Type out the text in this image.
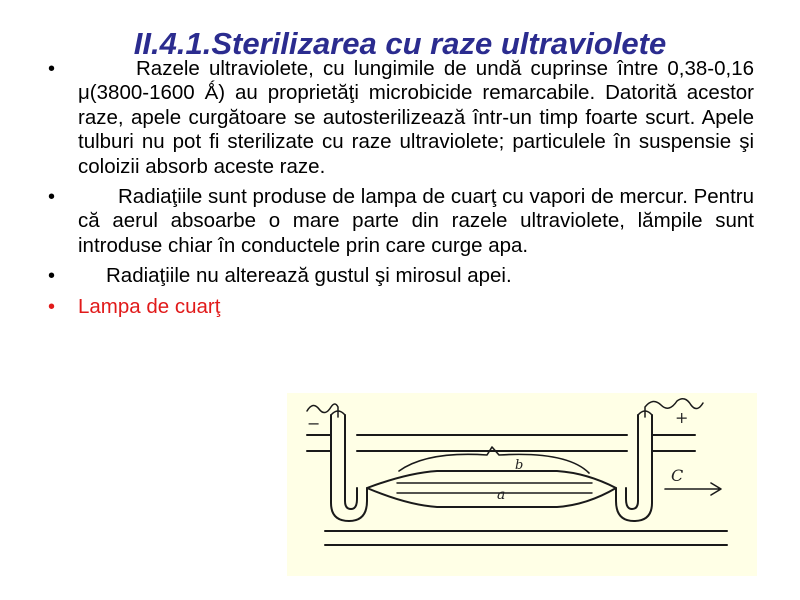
II.4.1.Sterilizarea cu raze ultraviolete
•	Razele ultraviolete, cu lungimile de undă cuprinse între 0,38-0,16 μ(3800-1600 Ǻ) au proprietăţi microbicide remarcabile. Datorită acestor raze, apele curgătoare se autosterilizează într-un timp foarte scurt. Apele tulburi nu pot fi sterilizate cu raze ultraviolete; particulele în suspensie şi coloizii absorb aceste raze.
•	Radiaţiile sunt produse de lampa de cuarţ cu vapori de mercur. Pentru că aerul absoarbe o mare parte din razele ultraviolete, lămpile sunt introduse chiar în conductele prin care curge apa.
• Radiaţiile nu alterează gustul şi mirosul apei.
• Lampa de cuarţ
−	+
a
b
C
